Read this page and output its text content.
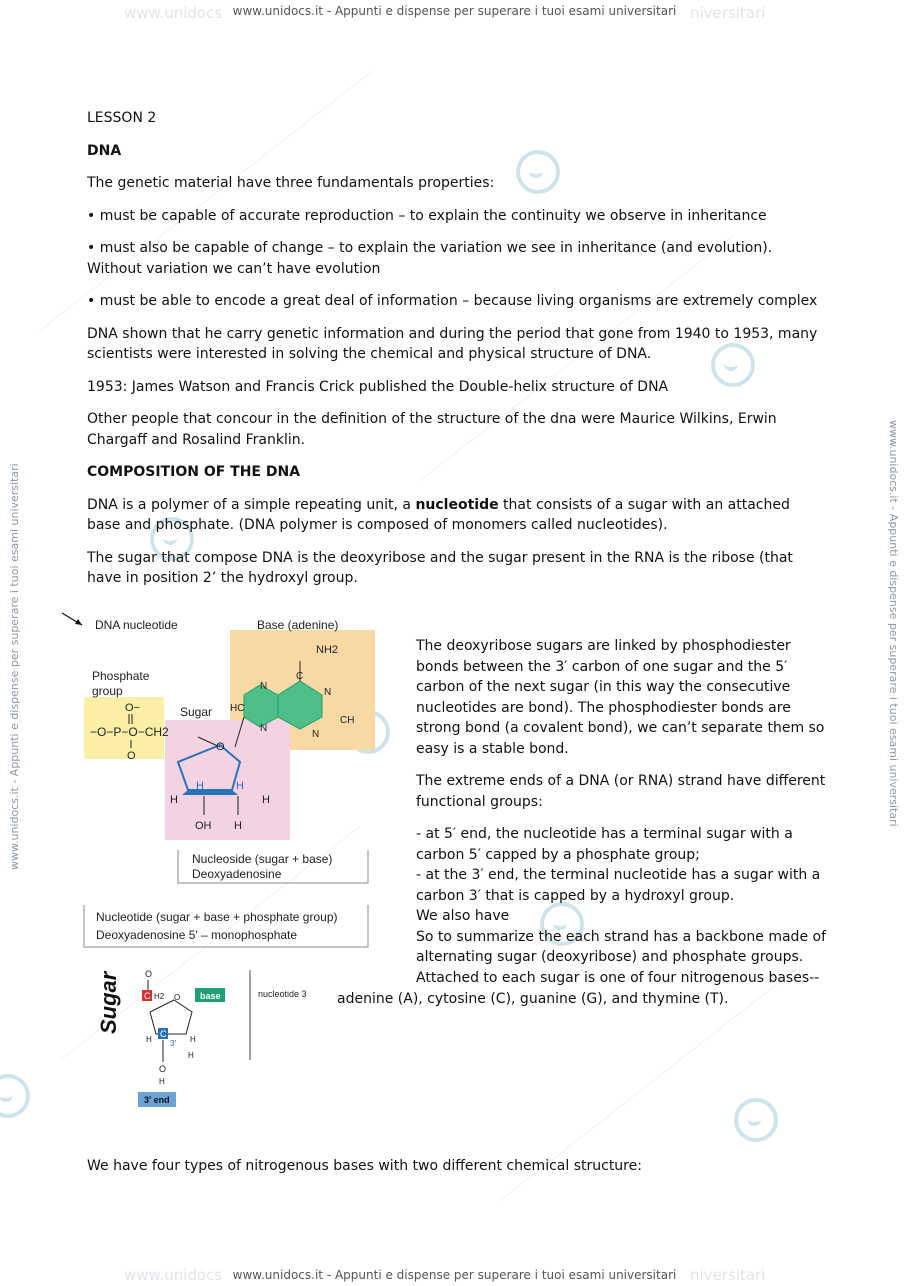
www.unidocs	niversitari
www.unidocs.it - Appunti e dispense per superare i tuoi esami universitari
www.unidocs	niversitari
www.unidocs.it - Appunti e dispense per superare i tuoi esami universitari
www.unidocs.it - Appunti e dispense per superare i tuoi esami universitari	www.unidocs.it - Appunti e dispense per superare i tuoi esami universitari

LESSON 2

DNA

The genetic material have three fundamentals properties:

• must be capable of accurate reproduction – to explain the continuity we observe in inheritance

• must also be capable of change – to explain the variation we see in inheritance (and evolution). Without variation we can’t have evolution

• must be able to encode a great deal of information – because living organisms are extremely complex

DNA shown that he carry genetic information and during the period that gone from 1940 to 1953, many scientists were interested in solving the chemical and physical structure of DNA.

1953: James Watson and Francis Crick published the Double-helix structure of DNA

Other people that concour in the definition of the structure of the dna were Maurice Wilkins, Erwin Chargaff and Rosalind Franklin.

COMPOSITION OF THE DNA

DNA is a polymer of a simple repeating unit, a nucleotide that consists of a sugar with an attached base and phosphate. (DNA polymer is composed of monomers called nucleotides).

The sugar that compose DNA is the deoxyribose and the sugar present in the RNA is the ribose (that have in position 2’ the hydroxyl group.

DNA nucleotide	Base (adenine)
Phosphate
group
Sugar
O−
−O−P−O−CH2
O
O
H	H
H	H
OH H
NH2
N
C
N
HC
CH
N
N
Nucleoside (sugar + base)
Deoxyadenosine
Nucleotide (sugar + base + phosphate group)
Deoxyadenosine 5′ – monophosphate

The deoxyribose sugars are linked by phosphodiester bonds between the 3′ carbon of one sugar and the 5′ carbon of the next sugar (in this way the consecutive nucleotides are bond). The phosphodiester bonds are strong bond (a covalent bond), we can’t separate them so easy is a stable bond.

The extreme ends of a DNA (or RNA) strand have different functional groups:

- at 5′ end, the nucleotide has a terminal sugar with a carbon 5′ capped by a phosphate group;

- at the 3′ end, the terminal nucleotide has a sugar with a carbon 3′ that is capped by a hydroxyl group.

We also have

So to summarize the each strand has a backbone made of alternating sugar (deoxyribose) and phosphate groups.

Attached to each sugar is one of four nitrogenous bases--

adenine (A), cytosine (C), guanine (G), and thymine (T).
Sugar	O
C H2	base
O
C
3′
H	H
H
O
H
3′ end
nucleotide 3
We have four types of nitrogenous bases with two different chemical structure:
